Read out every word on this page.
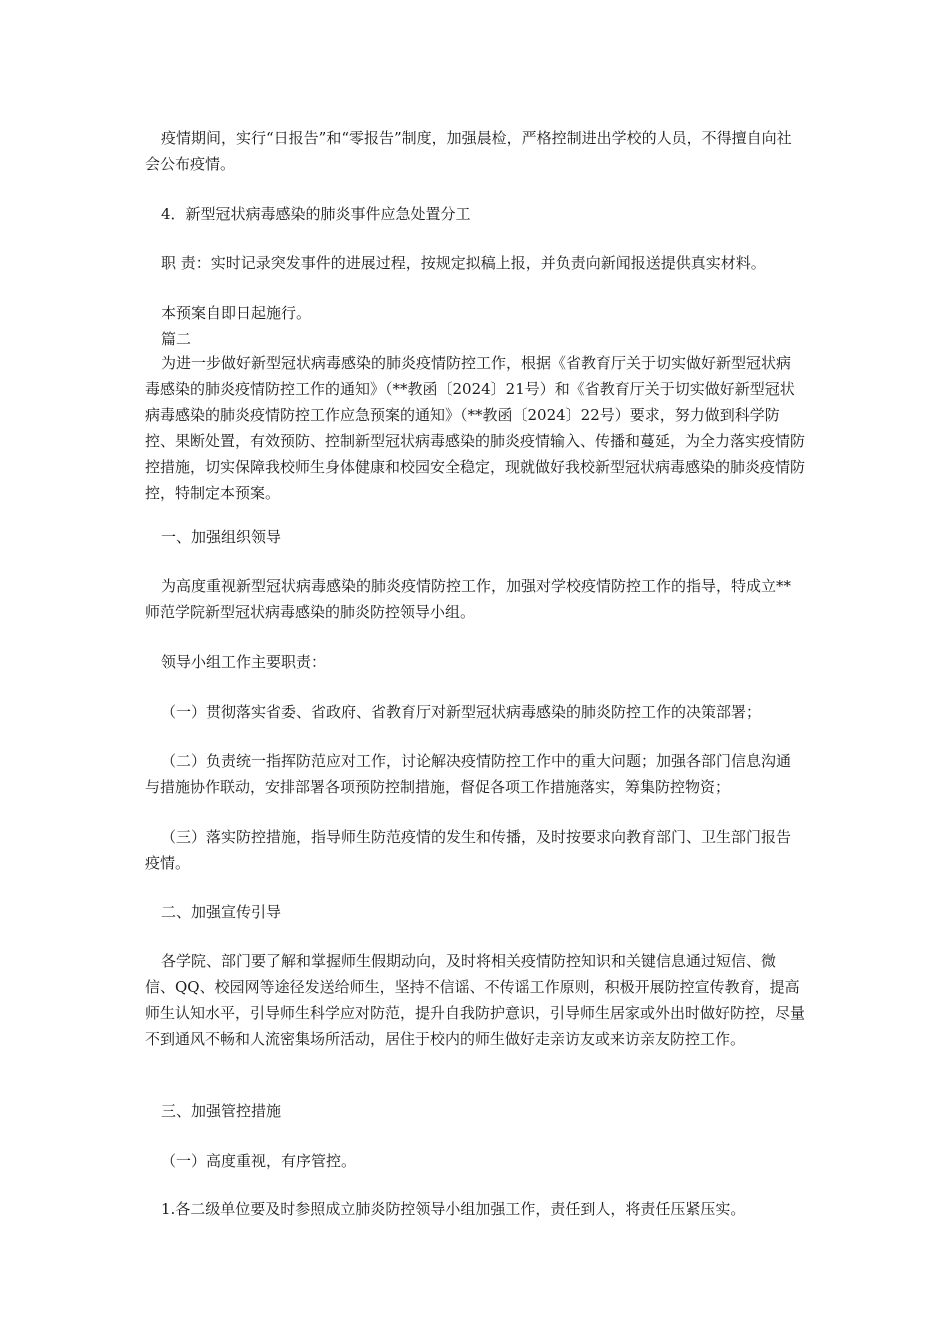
疫情期间，实行“日报告”和“零报告”制度，加强晨检，严格控制进出学校的人员，不得擅自向社会公布疫情。

4．新型冠状病毒感染的肺炎事件应急处置分工

职 责：实时记录突发事件的进展过程，按规定拟稿上报，并负责向新闻报送提供真实材料。

本预案自即日起施行。

篇二

为进一步做好新型冠状病毒感染的肺炎疫情防控工作，根据《省教育厅关于切实做好新型冠状病毒感染的肺炎疫情防控工作的通知》（**教函〔2024〕21号）和《省教育厅关于切实做好新型冠状病毒感染的肺炎疫情防控工作应急预案的通知》（**教函〔2024〕22号）要求，努力做到科学防控、果断处置，有效预防、控制新型冠状病毒感染的肺炎疫情输入、传播和蔓延，为全力落实疫情防控措施，切实保障我校师生身体健康和校园安全稳定，现就做好我校新型冠状病毒感染的肺炎疫情防控，特制定本预案。

一、加强组织领导

为高度重视新型冠状病毒感染的肺炎疫情防控工作，加强对学校疫情防控工作的指导，特成立**师范学院新型冠状病毒感染的肺炎防控领导小组。

领导小组工作主要职责：

（一）贯彻落实省委、省政府、省教育厅对新型冠状病毒感染的肺炎防控工作的决策部署；

（二）负责统一指挥防范应对工作，讨论解决疫情防控工作中的重大问题；加强各部门信息沟通与措施协作联动，安排部署各项预防控制措施，督促各项工作措施落实，筹集防控物资；

（三）落实防控措施，指导师生防范疫情的发生和传播，及时按要求向教育部门、卫生部门报告疫情。

二、加强宣传引导

各学院、部门要了解和掌握师生假期动向，及时将相关疫情防控知识和关键信息通过短信、微信、QQ、校园网等途径发送给师生，坚持不信谣、不传谣工作原则，积极开展防控宣传教育，提高师生认知水平，引导师生科学应对防范，提升自我防护意识，引导师生居家或外出时做好防控，尽量不到通风不畅和人流密集场所活动，居住于校内的师生做好走亲访友或来访亲友防控工作。

三、加强管控措施

（一）高度重视，有序管控。

1.各二级单位要及时参照成立肺炎防控领导小组加强工作，责任到人，将责任压紧压实。
